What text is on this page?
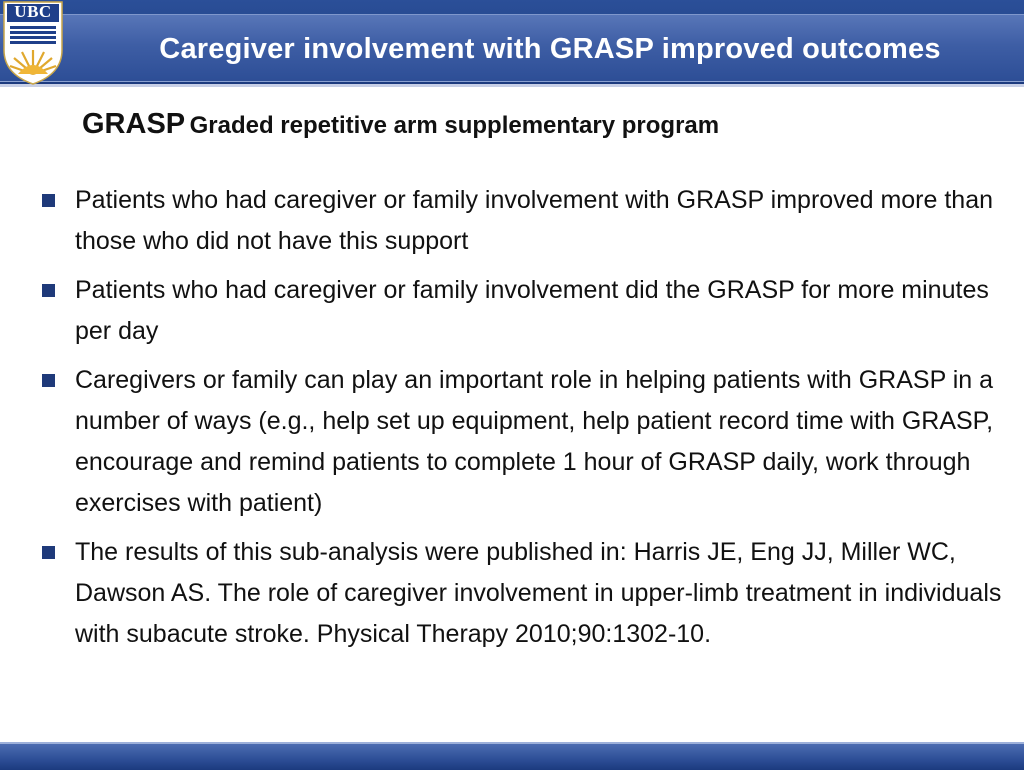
UBC
Caregiver involvement with GRASP improved outcomes
GRASP Graded repetitive arm supplementary program
Patients who had caregiver or family involvement with GRASP improved more than those who did not have this support
Patients who had caregiver or family involvement did the GRASP for more minutes per day
Caregivers or family can play an important role in helping patients with GRASP in a number of ways (e.g., help set up equipment, help patient record time with GRASP, encourage and remind patients to complete 1 hour of GRASP daily, work through exercises with patient)
The results of this sub-analysis were published in: Harris JE, Eng JJ, Miller WC, Dawson AS. The role of caregiver involvement in upper-limb treatment in individuals with subacute stroke. Physical Therapy 2010;90:1302-10.
